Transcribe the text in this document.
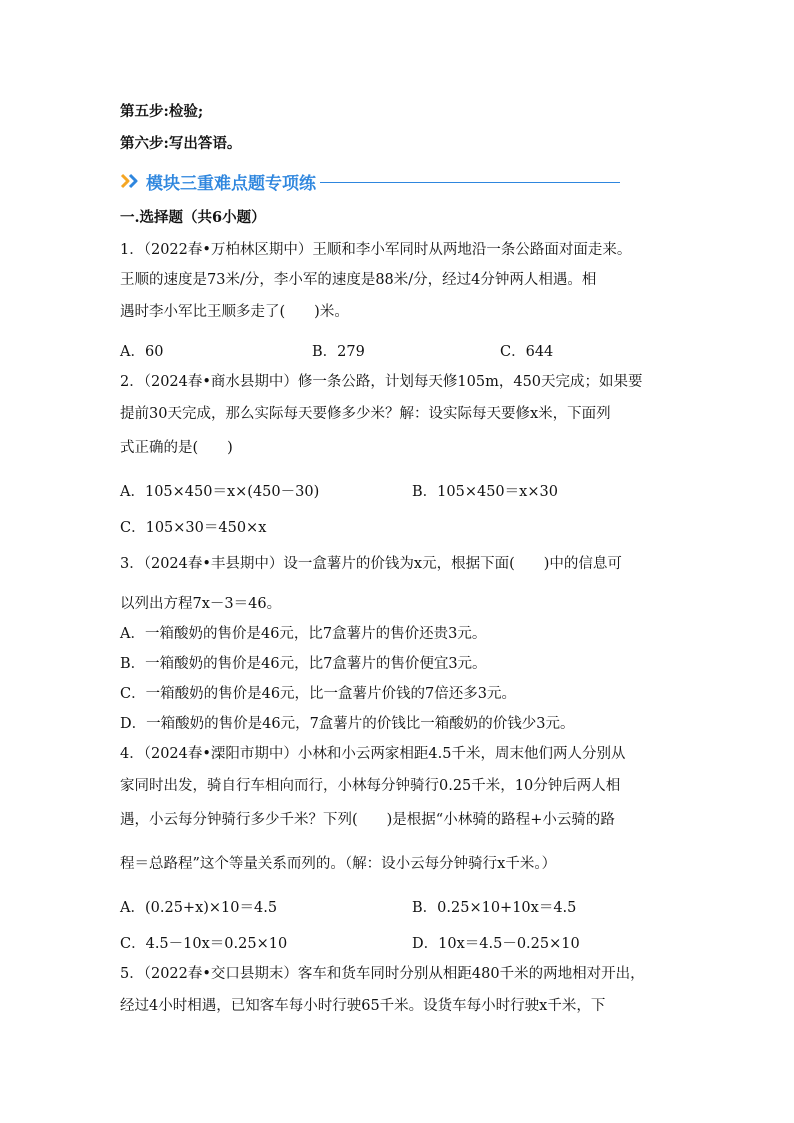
第五步:检验;
第六步:写出答语。
模块三重难点题专项练
一.选择题（共6小题）
1．（2022春•万柏林区期中）王顺和李小军同时从两地沿一条公路面对面走来。
王顺的速度是73米/分，李小军的速度是88米/分，经过4分钟两人相遇。相
遇时李小军比王顺多走了(　　)米。
A．60	B．279	C．644
2．（2024春•商水县期中）修一条公路，计划每天修105m，450天完成；如果要
提前30天完成，那么实际每天要修多少米？解：设实际每天要修x米，下面列
式正确的是(　　)
A．105×450＝x×(450－30)	B．105×450＝x×30
C．105×30＝450×x
3．（2024春•丰县期中）设一盒薯片的价钱为x元，根据下面(　　)中的信息可
以列出方程7x－3＝46。
A．一箱酸奶的售价是46元，比7盒薯片的售价还贵3元。
B．一箱酸奶的售价是46元，比7盒薯片的售价便宜3元。
C．一箱酸奶的售价是46元，比一盒薯片价钱的7倍还多3元。
D．一箱酸奶的售价是46元，7盒薯片的价钱比一箱酸奶的价钱少3元。
4．（2024春•溧阳市期中）小林和小云两家相距4.5千米，周末他们两人分别从
家同时出发，骑自行车相向而行，小林每分钟骑行0.25千米，10分钟后两人相
遇，小云每分钟骑行多少千米？下列(　　)是根据“小林骑的路程+小云骑的路
程＝总路程”这个等量关系而列的。（解：设小云每分钟骑行x千米。）
A．(0.25+x)×10＝4.5	B．0.25×10+10x＝4.5
C．4.5－10x＝0.25×10	D．10x＝4.5－0.25×10
5．（2022春•交口县期末）客车和货车同时分别从相距480千米的两地相对开出，
经过4小时相遇，已知客车每小时行驶65千米。设货车每小时行驶x千米，下
